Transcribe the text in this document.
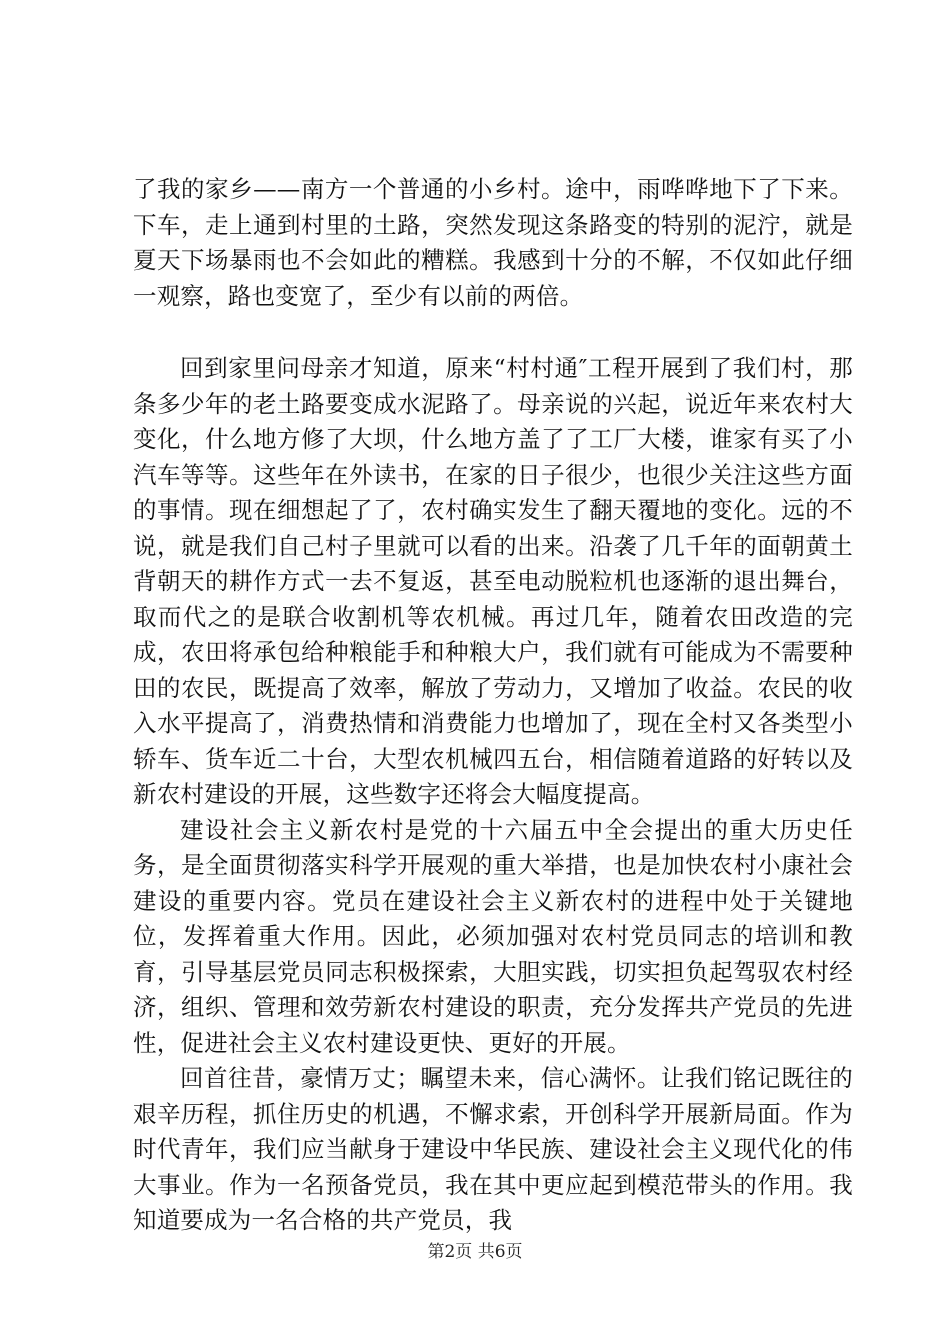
了我的家乡——南方一个普通的小乡村。途中，雨哗哗地下了下来。下车，走上通到村里的土路，突然发现这条路变的特别的泥泞，就是夏天下场暴雨也不会如此的糟糕。我感到十分的不解，不仅如此仔细一观察，路也变宽了，至少有以前的两倍。

回到家里问母亲才知道，原来“村村通″工程开展到了我们村，那条多少年的老土路要变成水泥路了。母亲说的兴起，说近年来农村大变化，什么地方修了大坝，什么地方盖了了工厂大楼，谁家有买了小汽车等等。这些年在外读书，在家的日子很少，也很少关注这些方面的事情。现在细想起了了，农村确实发生了翻天覆地的变化。远的不说，就是我们自己村子里就可以看的出来。沿袭了几千年的面朝黄土背朝天的耕作方式一去不复返，甚至电动脱粒机也逐渐的退出舞台，取而代之的是联合收割机等农机械。再过几年，随着农田改造的完成，农田将承包给种粮能手和种粮大户，我们就有可能成为不需要种田的农民，既提高了效率，解放了劳动力，又增加了收益。农民的收入水平提高了，消费热情和消费能力也增加了，现在全村又各类型小轿车、货车近二十台，大型农机械四五台，相信随着道路的好转以及新农村建设的开展，这些数字还将会大幅度提高。

建设社会主义新农村是党的十六届五中全会提出的重大历史任务，是全面贯彻落实科学开展观的重大举措，也是加快农村小康社会建设的重要内容。党员在建设社会主义新农村的进程中处于关键地位，发挥着重大作用。因此，必须加强对农村党员同志的培训和教育，引导基层党员同志积极探索，大胆实践，切实担负起驾驭农村经济，组织、管理和效劳新农村建设的职责，充分发挥共产党员的先进性，促进社会主义农村建设更快、更好的开展。

回首往昔，豪情万丈；瞩望未来，信心满怀。让我们铭记既往的艰辛历程，抓住历史的机遇，不懈求索，开创科学开展新局面。作为时代青年，我们应当献身于建设中华民族、建设社会主义现代化的伟大事业。作为一名预备党员，我在其中更应起到模范带头的作用。我知道要成为一名合格的共产党员，我

第2页 共6页
